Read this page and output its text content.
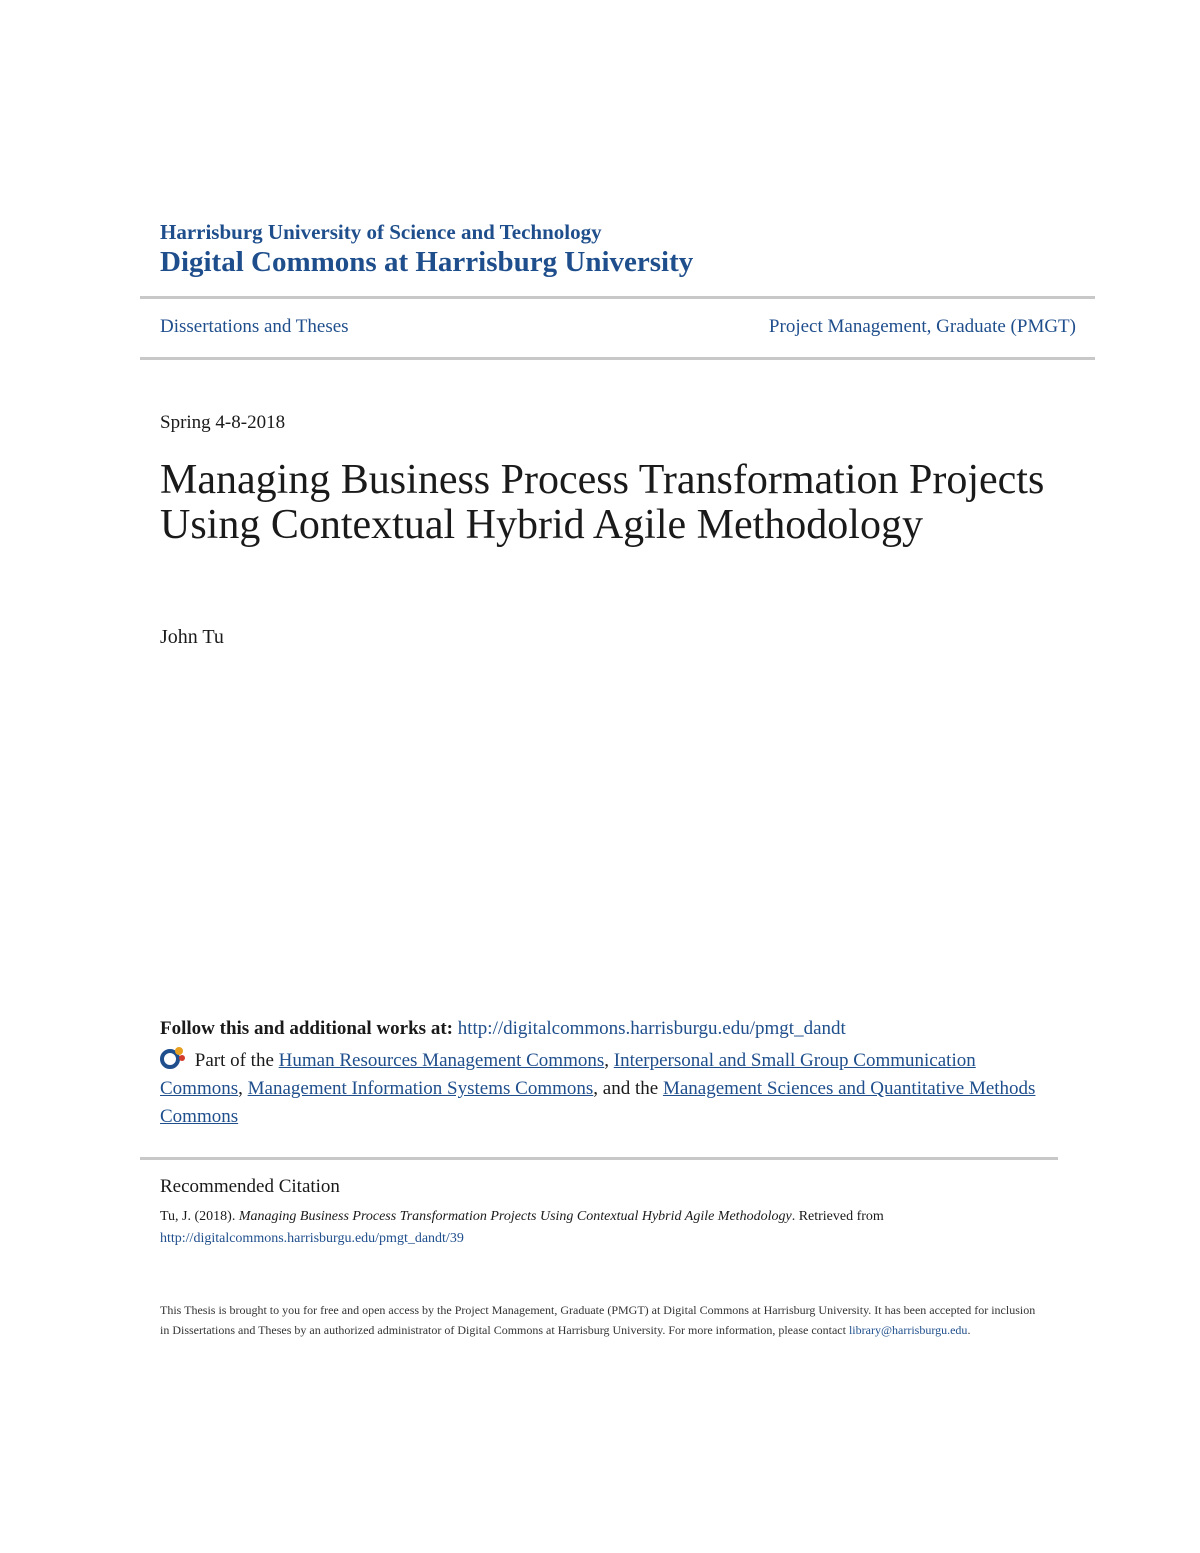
Harrisburg University of Science and Technology
Digital Commons at Harrisburg University
Dissertations and Theses	Project Management, Graduate (PMGT)
Spring 4-8-2018
Managing Business Process Transformation Projects Using Contextual Hybrid Agile Methodology
John Tu
Follow this and additional works at: http://digitalcommons.harrisburgu.edu/pmgt_dandt
Part of the Human Resources Management Commons, Interpersonal and Small Group Communication Commons, Management Information Systems Commons, and the Management Sciences and Quantitative Methods Commons
Recommended Citation
Tu, J. (2018). Managing Business Process Transformation Projects Using Contextual Hybrid Agile Methodology. Retrieved from
http://digitalcommons.harrisburgu.edu/pmgt_dandt/39
This Thesis is brought to you for free and open access by the Project Management, Graduate (PMGT) at Digital Commons at Harrisburg University. It has been accepted for inclusion in Dissertations and Theses by an authorized administrator of Digital Commons at Harrisburg University. For more information, please contact library@harrisburgu.edu.
